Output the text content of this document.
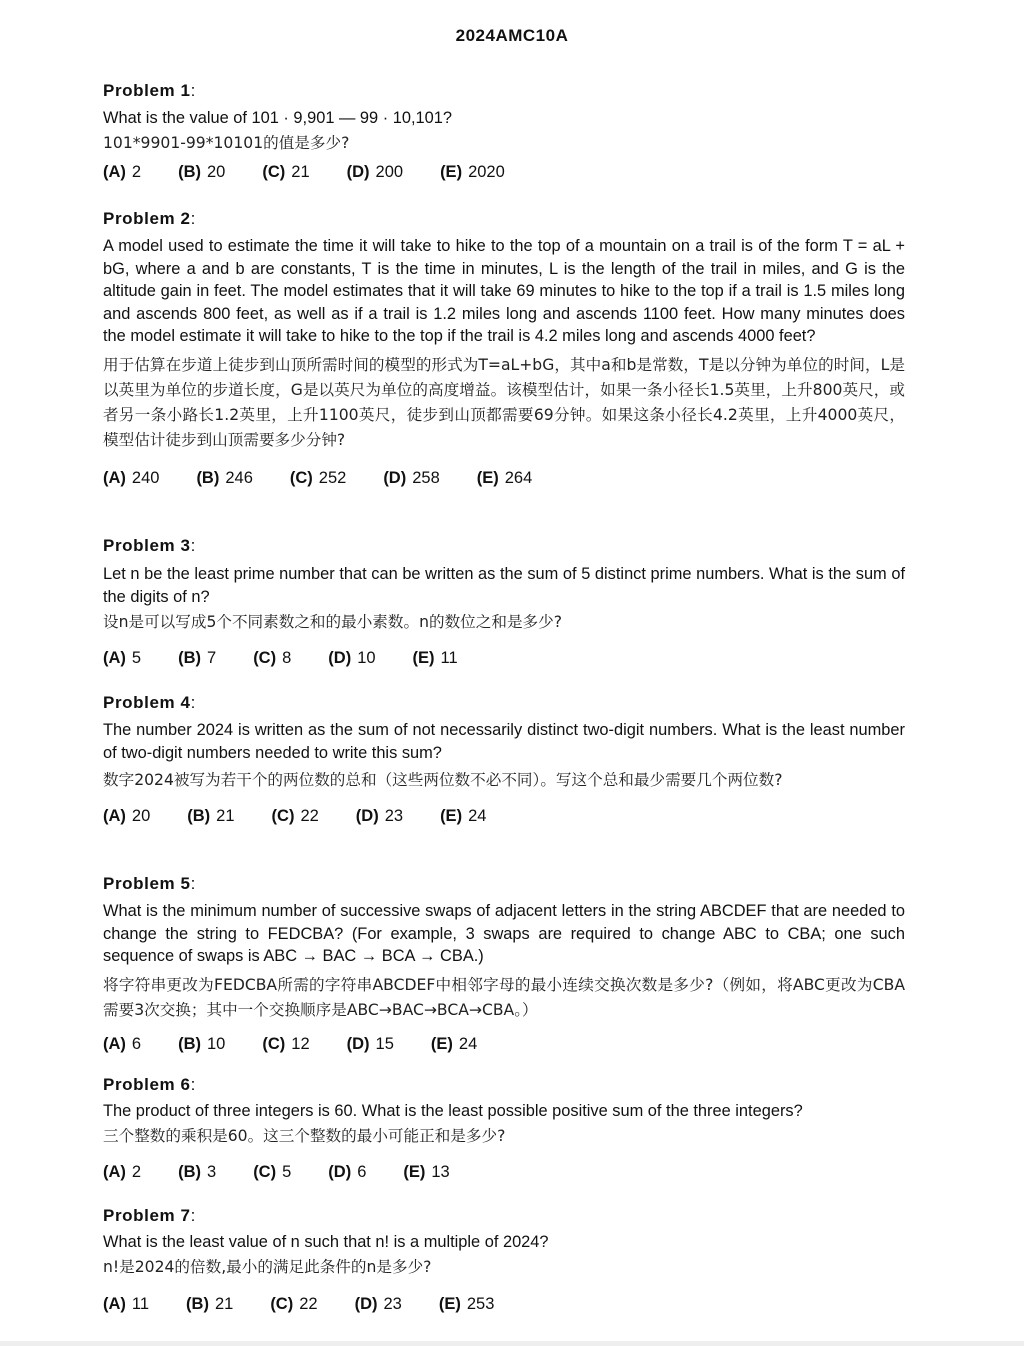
2024AMC10A
Problem 1:

What is the value of 101 · 9,901 — 99 · 10,101?

101*9901-99*10101的值是多少?

(A) 2 (B) 20 (C) 21 (D) 200 (E) 2020
Problem 2:

A model used to estimate the time it will take to hike to the top of a mountain on a trail is of the form T = aL + bG, where a and b are constants, T is the time in minutes, L is the length of the trail in miles, and G is the altitude gain in feet. The model estimates that it will take 69 minutes to hike to the top if a trail is 1.5 miles long and ascends 800 feet, as well as if a trail is 1.2 miles long and ascends 1100 feet. How many minutes does the model estimate it will take to hike to the top if the trail is 4.2 miles long and ascends 4000 feet?

用于估算在步道上徒步到山顶所需时间的模型的形式为T=aL+bG，其中a和b是常数，T是以分钟为单位的时间，L是以英里为单位的步道长度，G是以英尺为单位的高度增益。该模型估计，如果一条小径长1.5英里，上升800英尺，或者另一条小路长1.2英里，上升1100英尺，徒步到山顶都需要69分钟。如果这条小径长4.2英里，上升4000英尺，模型估计徒步到山顶需要多少分钟?

(A) 240 (B) 246 (C) 252 (D) 258 (E) 264
Problem 3:

Let n be the least prime number that can be written as the sum of 5 distinct prime numbers. What is the sum of the digits of n?

设n是可以写成5个不同素数之和的最小素数。n的数位之和是多少?

(A) 5 (B) 7 (C) 8 (D) 10 (E) 11
Problem 4:

The number 2024 is written as the sum of not necessarily distinct two-digit numbers. What is the least number of two-digit numbers needed to write this sum?

数字2024被写为若干个的两位数的总和（这些两位数不必不同）。写这个总和最少需要几个两位数?

(A) 20 (B) 21 (C) 22 (D) 23 (E) 24
Problem 5:

What is the minimum number of successive swaps of adjacent letters in the string ABCDEF that are needed to change the string to FEDCBA? (For example, 3 swaps are required to change ABC to CBA; one such sequence of swaps is ABC → BAC → BCA → CBA.)

将字符串更改为FEDCBA所需的字符串ABCDEF中相邻字母的最小连续交换次数是多少?（例如，将ABC更改为CBA需要3次交换；其中一个交换顺序是ABC→BAC→BCA→CBA。）

(A) 6 (B) 10 (C) 12 (D) 15 (E) 24
Problem 6:

The product of three integers is 60. What is the least possible positive sum of the three integers?

三个整数的乘积是60。这三个整数的最小可能正和是多少?

(A) 2 (B) 3 (C) 5 (D) 6 (E) 13
Problem 7:

What is the least value of n such that n! is a multiple of 2024?

n!是2024的倍数,最小的满足此条件的n是多少?

(A) 11 (B) 21 (C) 22 (D) 23 (E) 253
